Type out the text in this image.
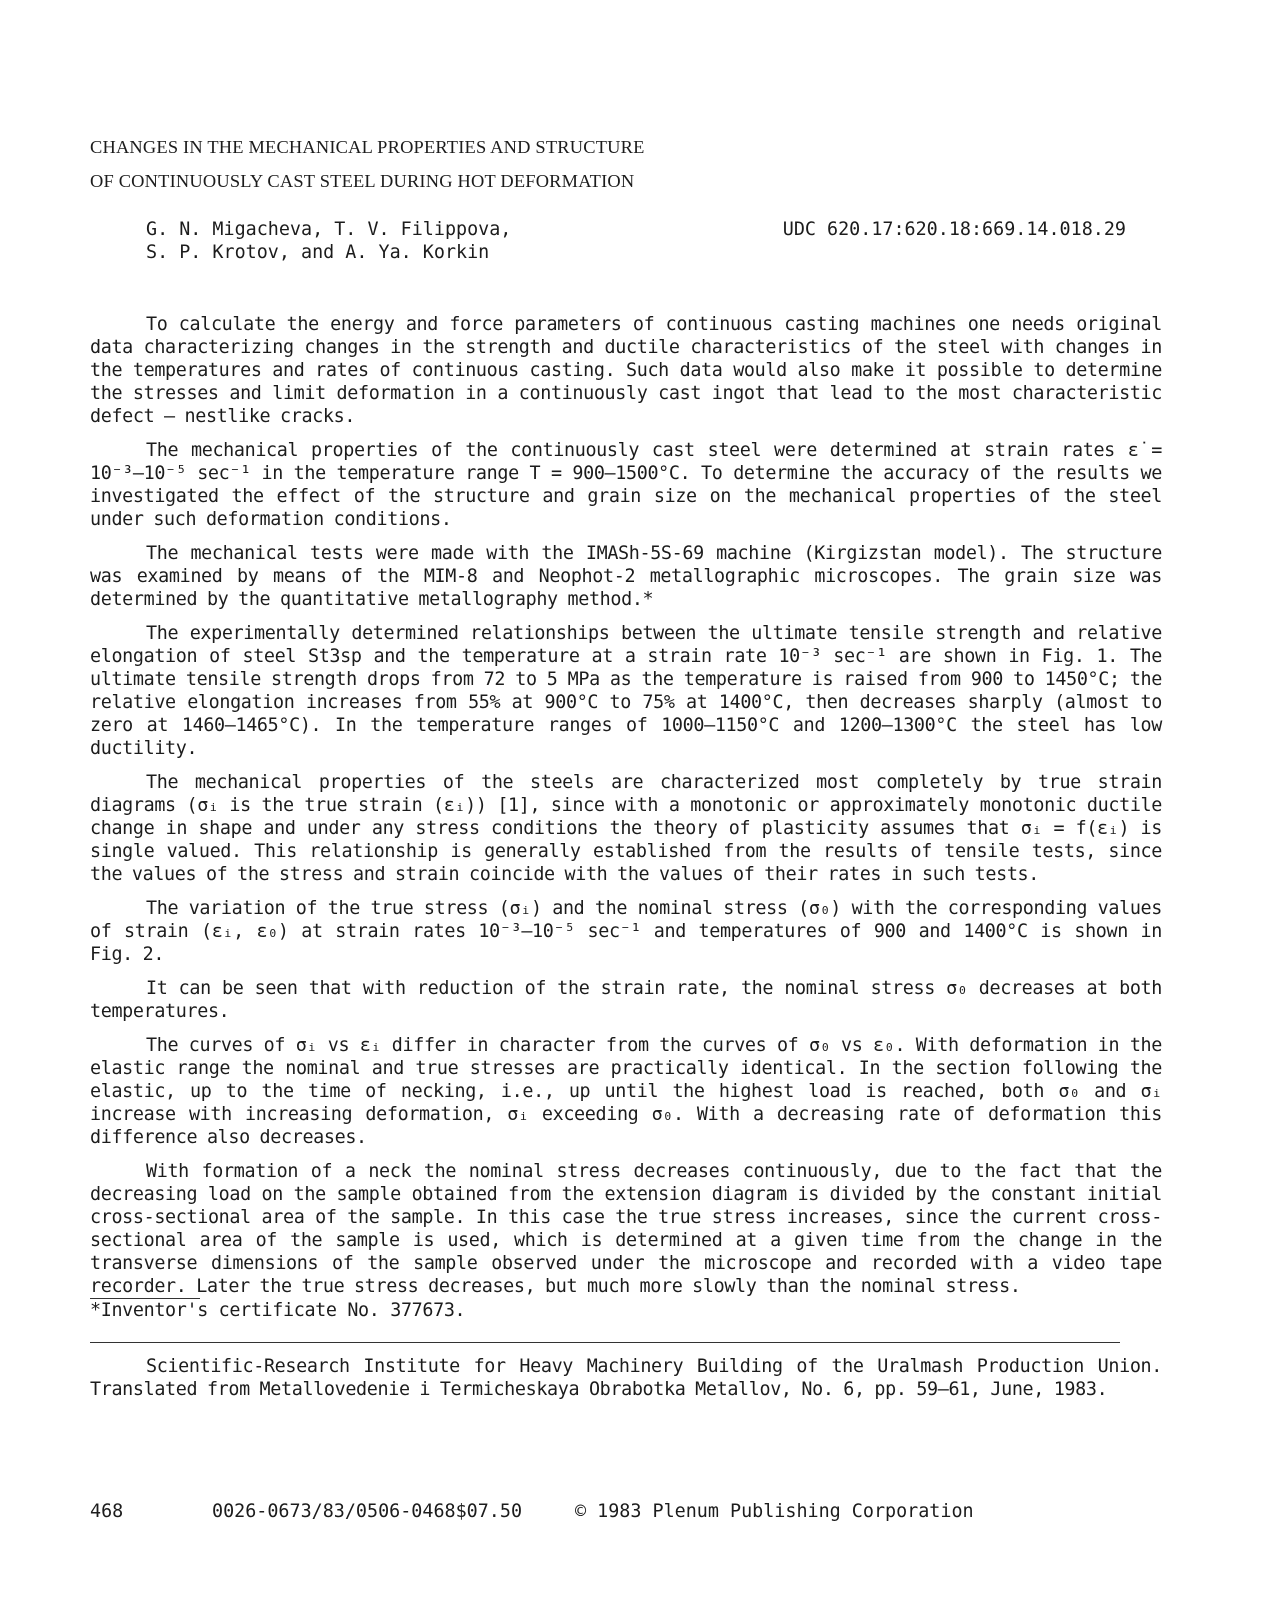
CHANGES IN THE MECHANICAL PROPERTIES AND STRUCTURE
OF CONTINUOUSLY CAST STEEL DURING HOT DEFORMATION
G. N. Migacheva, T. V. Filippova,
S. P. Krotov, and A. Ya. Korkin
UDC 620.17:620.18:669.14.018.29

To calculate the energy and force parameters of continuous casting machines one needs original data characterizing changes in the strength and ductile characteristics of the steel with changes in the temperatures and rates of continuous casting. Such data would also make it possible to determine the stresses and limit deformation in a continuously cast ingot that lead to the most characteristic defect — nestlike cracks.

The mechanical properties of the continuously cast steel were determined at strain rates ε̇ = 10⁻³–10⁻⁵ sec⁻¹ in the temperature range T = 900–1500°C. To determine the accuracy of the results we investigated the effect of the structure and grain size on the mechanical properties of the steel under such deformation conditions.

The mechanical tests were made with the IMASh-5S-69 machine (Kirgizstan model). The structure was examined by means of the MIM-8 and Neophot-2 metallographic microscopes. The grain size was determined by the quantitative metallography method.*

The experimentally determined relationships between the ultimate tensile strength and relative elongation of steel St3sp and the temperature at a strain rate 10⁻³ sec⁻¹ are shown in Fig. 1. The ultimate tensile strength drops from 72 to 5 MPa as the temperature is raised from 900 to 1450°C; the relative elongation increases from 55% at 900°C to 75% at 1400°C, then decreases sharply (almost to zero at 1460–1465°C). In the temperature ranges of 1000–1150°C and 1200–1300°C the steel has low ductility.

The mechanical properties of the steels are characterized most completely by true strain diagrams (σᵢ is the true strain (εᵢ)) [1], since with a monotonic or approximately monotonic ductile change in shape and under any stress conditions the theory of plasticity assumes that σᵢ = f(εᵢ) is single valued. This relationship is generally established from the results of tensile tests, since the values of the stress and strain coincide with the values of their rates in such tests.

The variation of the true stress (σᵢ) and the nominal stress (σ₀) with the corresponding values of strain (εᵢ, ε₀) at strain rates 10⁻³–10⁻⁵ sec⁻¹ and temperatures of 900 and 1400°C is shown in Fig. 2.

It can be seen that with reduction of the strain rate, the nominal stress σ₀ decreases at both temperatures.

The curves of σᵢ vs εᵢ differ in character from the curves of σ₀ vs ε₀. With deformation in the elastic range the nominal and true stresses are practically identical. In the section following the elastic, up to the time of necking, i.e., up until the highest load is reached, both σ₀ and σᵢ increase with increasing deformation, σᵢ exceeding σ₀. With a decreasing rate of deformation this difference also decreases.

With formation of a neck the nominal stress decreases continuously, due to the fact that the decreasing load on the sample obtained from the extension diagram is divided by the constant initial cross-sectional area of the sample. In this case the true stress increases, since the current cross-sectional area of the sample is used, which is determined at a given time from the change in the transverse dimensions of the sample observed under the microscope and recorded with a video tape recorder. Later the true stress decreases, but much more slowly than the nominal stress.

*Inventor's certificate No. 377673.

Scientific-Research Institute for Heavy Machinery Building of the Uralmash Production Union. Translated from Metallovedenie i Termicheskaya Obrabotka Metallov, No. 6, pp. 59–61, June, 1983.

468	0026-0673/83/0506-0468$07.50	© 1983 Plenum Publishing Corporation
